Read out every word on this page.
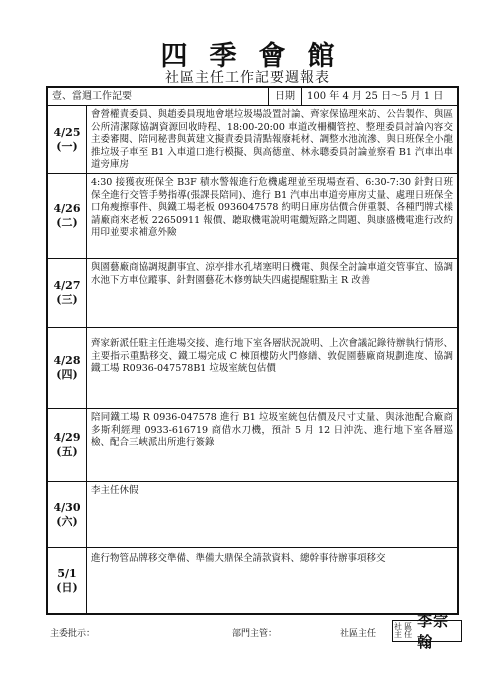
四季會館
社區主任工作記要週報表
壹、當週工作記要	日期	100 年 4 月 25 日～5 月 1 日
4/25
(一)
會營權責委員、與趙委員現地會堪垃圾場設置討論、齊家保協理來訪、公告製作、與區公所清潔隊協調資源回收時程、18:00-20:00 車道改柵欄管控、整理委員討論內容交主委審閱、陪同秘書與黃建文擬責委員清點報廢耗材、調整水池流滲、與日班保全小龍推垃圾子車至 B1 入車道口進行模擬、與高德童、林永聰委員討論並察看 B1 汽車出車道旁庫房
4/26
(二)
4:30 接獲夜班保全 B3F 積水警報進行危機處理並至現場查看、6:30-7:30 針對日班保全進行交管手勢指導(張課長陪同)、進行 B1 汽車出車道旁庫房丈量、處理日班保全口角瘦擦事件、與鐵工場老板 0936047578 約明日庫房估價合併重製、各種門牌式樣請廠商來老板 22650911 報價、聽取機電說明電纜短路之問題、與康盛機電進行改約用印並要求補意外險
4/27
(三)
與園藝廠商協調規劃事宜、涼亭排水孔堵塞明日機電、與保全討論車道交管事宜、協調水池下方車位蹤事、針對園藝花木修剪缺失四處提醒駐點主 R 改善
4/28
(四)
齊家新派任駐主任進場交接、進行地下室各層狀況說明、上次會議記錄待辦執行情形、主要指示重點移交、鐵工場完成 C 棟頂樓防火門修繕、敦促園藝廠商規劃進度、協調鐵工場 R0936-047578B1 垃圾室統包估價
4/29
(五)
陪同鐵工場 R 0936-047578 進行 B1 垃圾室統包估價及尺寸丈量、與泳池配合廠商多斯利經理 0933-616719 商借水刀機，預計 5 月 12 日沖洗、進行地下室各層巡檢、配合三峽派出所進行簽錄
4/30
(六)
李主任休假
5/1
(日)
進行物管品牌移交準備、準備大鼎保全請款資料、總幹事待辦事項移交
主委批示：	部門主管：	社區主任
社
主
區
任
李宗翰
